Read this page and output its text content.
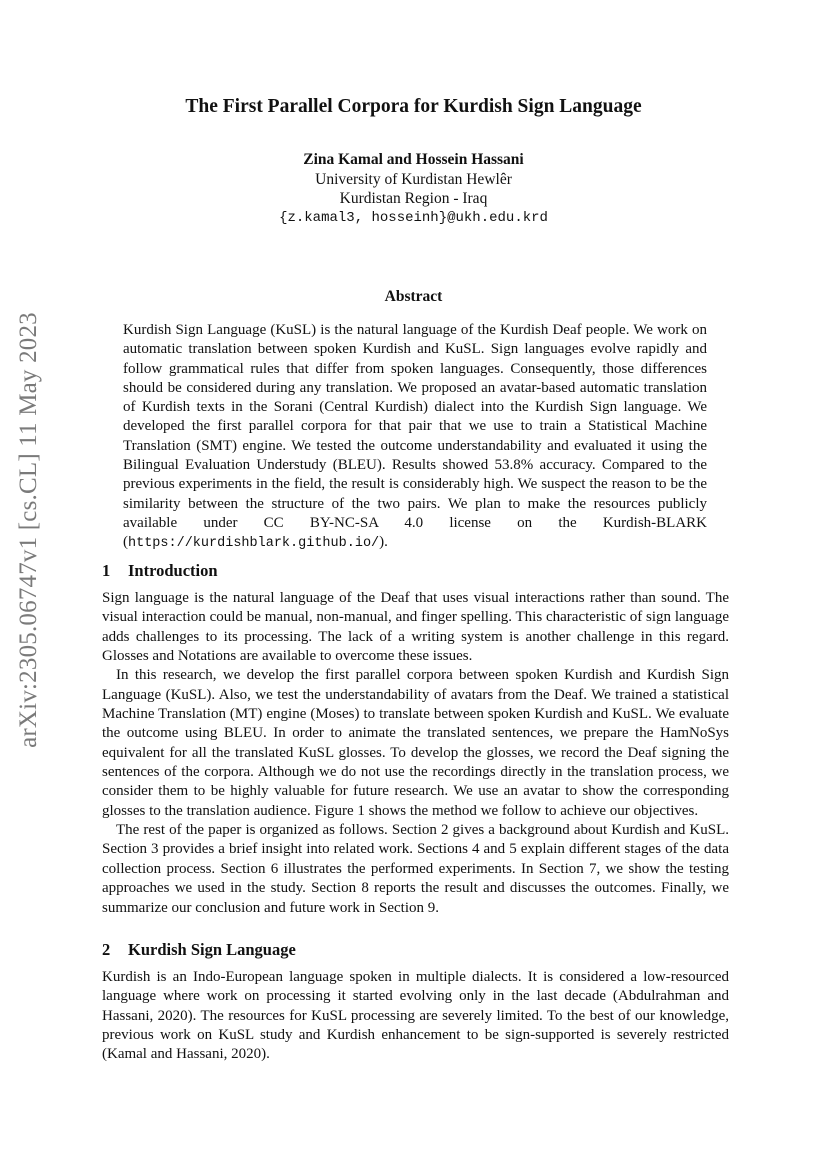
arXiv:2305.06747v1 [cs.CL] 11 May 2023
The First Parallel Corpora for Kurdish Sign Language
Zina Kamal and Hossein Hassani
University of Kurdistan Hewlêr
Kurdistan Region - Iraq
{z.kamal3, hosseinh}@ukh.edu.krd
Abstract
Kurdish Sign Language (KuSL) is the natural language of the Kurdish Deaf people. We work on automatic translation between spoken Kurdish and KuSL. Sign languages evolve rapidly and follow grammatical rules that differ from spoken languages. Consequently, those differences should be considered during any translation. We proposed an avatar-based automatic translation of Kurdish texts in the Sorani (Central Kurdish) dialect into the Kurdish Sign language. We developed the first parallel corpora for that pair that we use to train a Statistical Machine Translation (SMT) engine. We tested the outcome understandability and evaluated it using the Bilingual Evaluation Understudy (BLEU). Results showed 53.8% accuracy. Compared to the previous experiments in the field, the result is considerably high. We suspect the reason to be the similarity between the structure of the two pairs. We plan to make the resources publicly available under CC BY-NC-SA 4.0 license on the Kurdish-BLARK (https://kurdishblark.github.io/).
1 Introduction

Sign language is the natural language of the Deaf that uses visual interactions rather than sound. The visual interaction could be manual, non-manual, and finger spelling. This characteristic of sign language adds challenges to its processing. The lack of a writing system is another challenge in this regard. Glosses and Notations are available to overcome these issues.

In this research, we develop the first parallel corpora between spoken Kurdish and Kurdish Sign Language (KuSL). Also, we test the understandability of avatars from the Deaf. We trained a statistical Machine Translation (MT) engine (Moses) to translate between spoken Kurdish and KuSL. We evaluate the outcome using BLEU. In order to animate the translated sentences, we prepare the HamNoSys equivalent for all the translated KuSL glosses. To develop the glosses, we record the Deaf signing the sentences of the corpora. Although we do not use the recordings directly in the translation process, we consider them to be highly valuable for future research. We use an avatar to show the corresponding glosses to the translation audience. Figure 1 shows the method we follow to achieve our objectives.

The rest of the paper is organized as follows. Section 2 gives a background about Kurdish and KuSL. Section 3 provides a brief insight into related work. Sections 4 and 5 explain different stages of the data collection process. Section 6 illustrates the performed experiments. In Section 7, we show the testing approaches we used in the study. Section 8 reports the result and discusses the outcomes. Finally, we summarize our conclusion and future work in Section 9.

2 Kurdish Sign Language

Kurdish is an Indo-European language spoken in multiple dialects. It is considered a low-resourced language where work on processing it started evolving only in the last decade (Abdulrahman and Hassani, 2020). The resources for KuSL processing are severely limited. To the best of our knowledge, previous work on KuSL study and Kurdish enhancement to be sign-supported is severely restricted (Kamal and Hassani, 2020).
